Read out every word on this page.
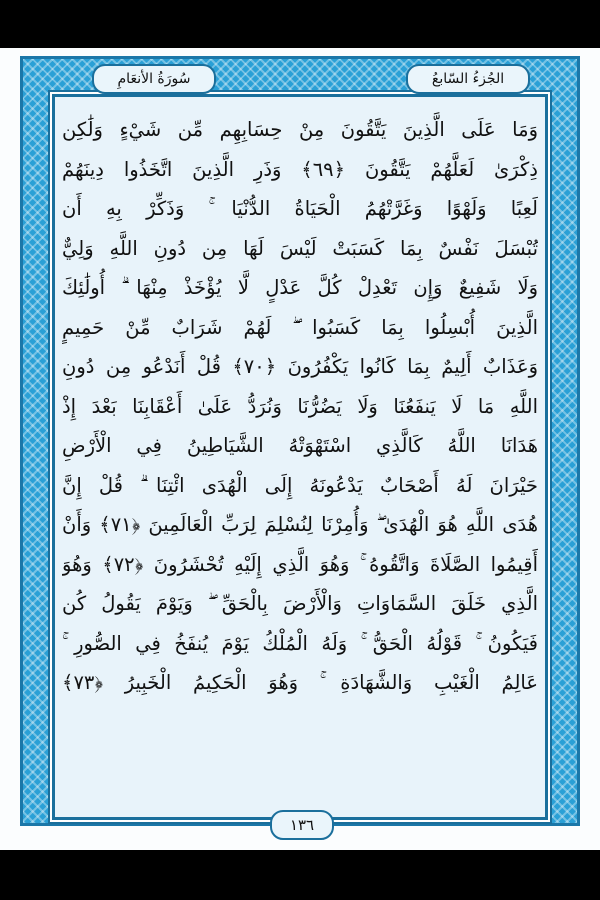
سُورَةُ الأنعَامِ	الجُزءُ السّابعُ
وَمَا عَلَى الَّذِينَ يَتَّقُونَ مِنْ حِسَابِهِم مِّن شَيْءٍ وَلَٰكِن
ذِكْرَىٰ لَعَلَّهُمْ يَتَّقُونَ ﴿٦٩﴾ وَذَرِ الَّذِينَ اتَّخَذُوا دِينَهُمْ
لَعِبًا وَلَهْوًا وَغَرَّتْهُمُ الْحَيَاةُ الدُّنْيَا ۚ وَذَكِّرْ بِهِ أَن
تُبْسَلَ نَفْسٌ بِمَا كَسَبَتْ لَيْسَ لَهَا مِن دُونِ اللَّهِ وَلِيٌّ
وَلَا شَفِيعٌ وَإِن تَعْدِلْ كُلَّ عَدْلٍ لَّا يُؤْخَذْ مِنْهَا ۗ أُولَٰئِكَ
الَّذِينَ أُبْسِلُوا بِمَا كَسَبُوا ۖ لَهُمْ شَرَابٌ مِّنْ حَمِيمٍ
وَعَذَابٌ أَلِيمٌ بِمَا كَانُوا يَكْفُرُونَ ﴿٧٠﴾ قُلْ أَنَدْعُو مِن دُونِ
اللَّهِ مَا لَا يَنفَعُنَا وَلَا يَضُرُّنَا وَنُرَدُّ عَلَىٰ أَعْقَابِنَا بَعْدَ إِذْ
هَدَانَا اللَّهُ كَالَّذِي اسْتَهْوَتْهُ الشَّيَاطِينُ فِي الْأَرْضِ
حَيْرَانَ لَهُ أَصْحَابٌ يَدْعُونَهُ إِلَى الْهُدَى ائْتِنَا ۗ قُلْ إِنَّ
هُدَى اللَّهِ هُوَ الْهُدَىٰ ۖ وَأُمِرْنَا لِنُسْلِمَ لِرَبِّ الْعَالَمِينَ ﴿٧١﴾ وَأَنْ
أَقِيمُوا الصَّلَاةَ وَاتَّقُوهُ ۚ وَهُوَ الَّذِي إِلَيْهِ تُحْشَرُونَ ﴿٧٢﴾ وَهُوَ
الَّذِي خَلَقَ السَّمَاوَاتِ وَالْأَرْضَ بِالْحَقِّ ۖ وَيَوْمَ يَقُولُ كُن
فَيَكُونُ ۚ قَوْلُهُ الْحَقُّ ۚ وَلَهُ الْمُلْكُ يَوْمَ يُنفَخُ فِي الصُّورِ ۚ
عَالِمُ الْغَيْبِ وَالشَّهَادَةِ ۚ وَهُوَ الْحَكِيمُ الْخَبِيرُ ﴿٧٣﴾
١٣٦
